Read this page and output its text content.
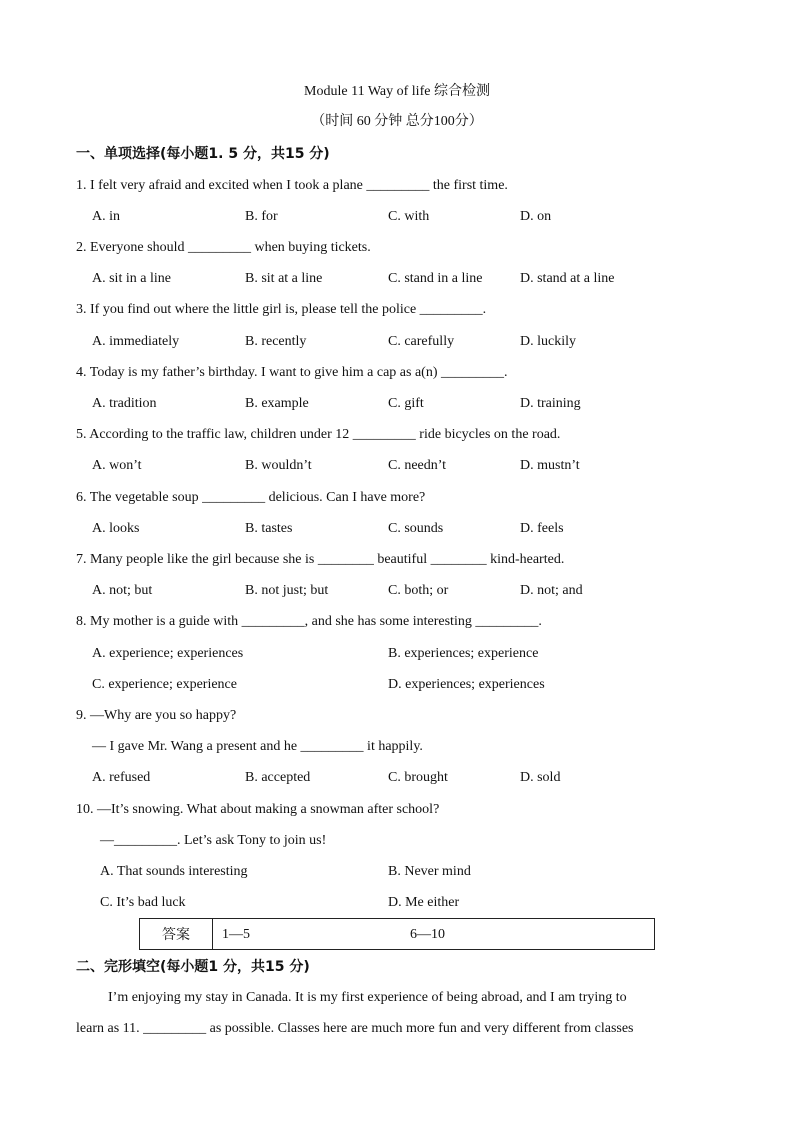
Module 11 Way of life 综合检测
（时间 60 分钟 总分100分）
一、单项选择(每小题1. 5 分，共15 分)
1. I felt very afraid and excited when I took a plane _________ the first time.
A. in	B. for	C. with	D. on
2. Everyone should _________ when buying tickets.
A. sit in a line	B. sit at a line	C. stand in a line	D. stand at a line
3. If you find out where the little girl is, please tell the police _________.
A. immediately	B. recently	C. carefully	D. luckily
4. Today is my father’s birthday. I want to give him a cap as a(n) _________.
A. tradition	B. example	C. gift	D. training
5. According to the traffic law, children under 12 _________ ride bicycles on the road.
A. won’t	B. wouldn’t	C. needn’t	D. mustn’t
6. The vegetable soup _________ delicious. Can I have more?
A. looks	B. tastes	C. sounds	D. feels
7. Many people like the girl because she is ________ beautiful ________ kind-hearted.
A. not; but	B. not just; but	C. both; or	D. not; and
8. My mother is a guide with _________, and she has some interesting _________.
A. experience; experiences	B. experiences; experience
C. experience; experience	D. experiences; experiences
9. —Why are you so happy?
— I gave Mr. Wang a present and he _________ it happily.
A. refused	B. accepted	C. brought	D. sold
10. —It’s snowing. What about making a snowman after school?
—_________. Let’s ask Tony to join us!
A. That sounds interesting	B. Never mind
C. It’s bad luck	D. Me either
答案	1—5	6—10
二、完形填空(每小题1 分，共15 分)
I’m enjoying my stay in Canada. It is my first experience of being abroad, and I am trying to
learn as 11. _________ as possible. Classes here are much more fun and very different from classes
